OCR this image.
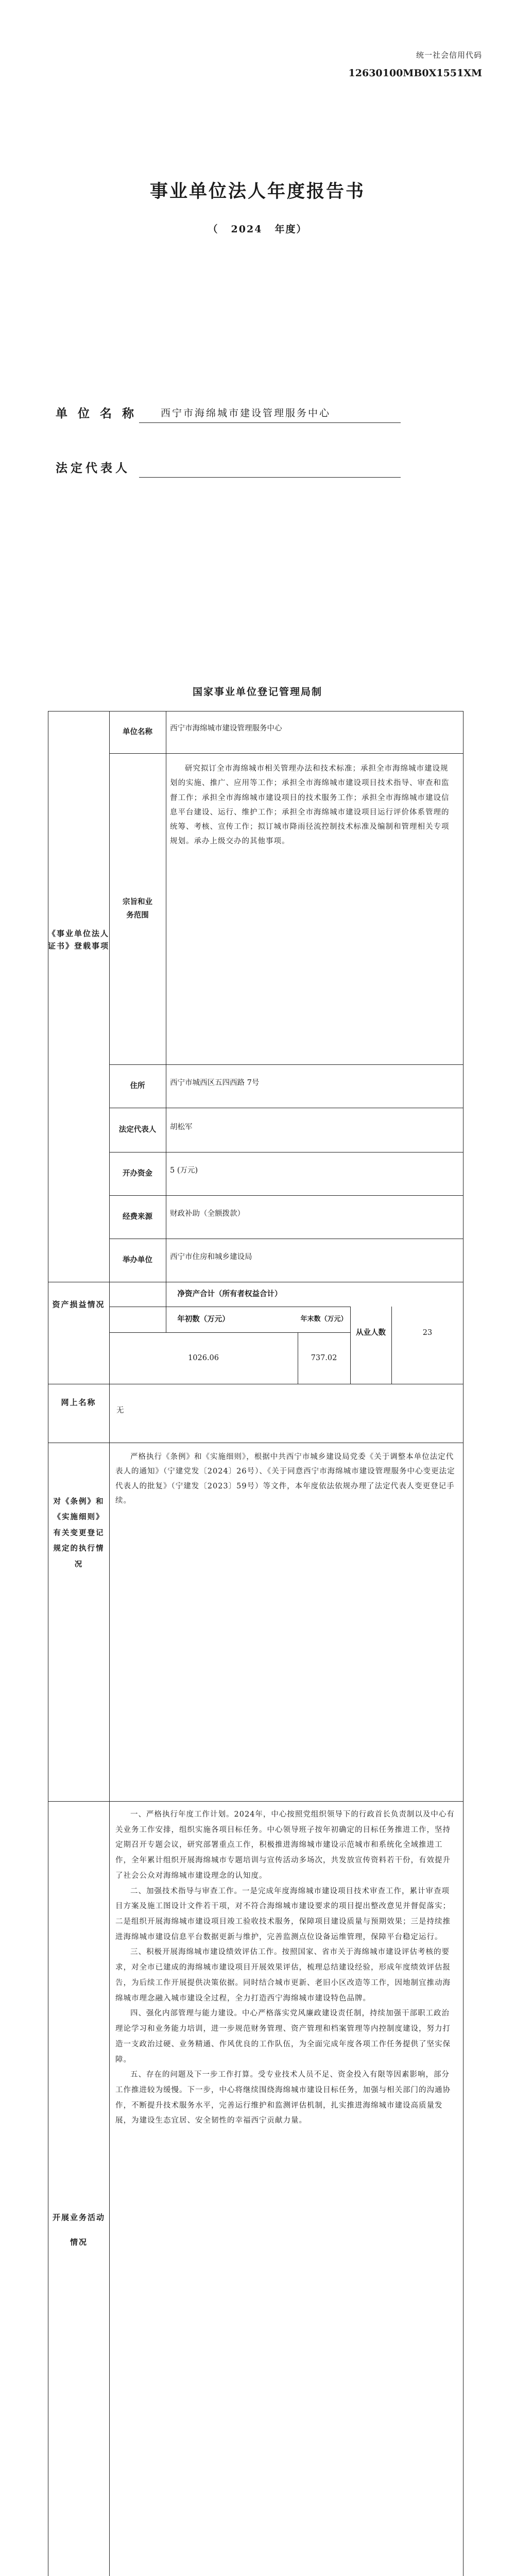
统一社会信用代码
12630100MB0X1551XM
事业单位法人年度报告书
（ 2024 年度）
单 位 名 称 西宁市海绵城市建设管理服务中心
法定代表人
国家事业单位登记管理局制
《事业单位法人证书》登载事项
单位名称	西宁市海绵城市建设管理服务中心
宗旨和业务范围

研究拟订全市海绵城市相关管理办法和技术标准；承担全市海绵城市建设规划的实施、推广、应用等工作；承担全市海绵城市建设项目技术指导、审查和监督工作；承担全市海绵城市建设项目的技术服务工作；承担全市海绵城市建设信息平台建设、运行、维护工作；承担全市海绵城市建设项目运行评价体系管理的统筹、考核、宣传工作；拟订城市降雨径流控制技术标准及编制和管理相关专项规划。承办上级交办的其他事项。

住所	西宁市城西区五四西路 7号
法定代表人	胡松军
开办资金	5 (万元)
经费来源	财政补助（全额拨款）
举办单位	西宁市住房和城乡建设局
资产损益情况
净资产合计（所有者权益合计）
年初数（万元）	年末数（万元）
1026.06	737.02
从业人数	23
网上名称
无
对《条例》和《实施细则》有关变更登记规定的执行情况

严格执行《条例》和《实施细则》，根据中共西宁市城乡建设局党委《关于调整本单位法定代表人的通知》（宁建党发〔2024〕26号）、《关于同意西宁市海绵城市建设管理服务中心变更法定代表人的批复》（宁建发〔2023〕59号）等文件，本年度依法依规办理了法定代表人变更登记手续。

开展业务活动情况

一、严格执行年度工作计划。2024年，中心按照党组织领导下的行政首长负责制以及中心有关业务工作安排，组织实施各项目标任务。中心领导班子按年初确定的目标任务推进工作，坚持定期召开专题会议，研究部署重点工作，积极推进海绵城市建设示范城市和系统化全域推进工作，全年累计组织开展海绵城市专题培训与宣传活动多场次，共发放宣传资料若干份，有效提升了社会公众对海绵城市建设理念的认知度。

二、加强技术指导与审查工作。一是完成年度海绵城市建设项目技术审查工作，累计审查项目方案及施工图设计文件若干项，对不符合海绵城市建设要求的项目提出整改意见并督促落实；二是组织开展海绵城市建设项目竣工验收技术服务，保障项目建设质量与预期效果；三是持续推进海绵城市建设信息平台数据更新与维护，完善监测点位设备运维管理，保障平台稳定运行。

三、积极开展海绵城市建设绩效评估工作。按照国家、省市关于海绵城市建设评估考核的要求，对全市已建成的海绵城市建设项目开展效果评估，梳理总结建设经验，形成年度绩效评估报告，为后续工作开展提供决策依据。同时结合城市更新、老旧小区改造等工作，因地制宜推动海绵城市理念融入城市建设全过程，全力打造西宁海绵城市建设特色品牌。

四、强化内部管理与能力建设。中心严格落实党风廉政建设责任制，持续加强干部职工政治理论学习和业务能力培训，进一步规范财务管理、资产管理和档案管理等内控制度建设，努力打造一支政治过硬、业务精通、作风优良的工作队伍，为全面完成年度各项工作任务提供了坚实保障。

五、存在的问题及下一步工作打算。受专业技术人员不足、资金投入有限等因素影响，部分工作推进较为缓慢。下一步，中心将继续围绕海绵城市建设目标任务，加强与相关部门的沟通协作，不断提升技术服务水平，完善运行维护和监测评估机制，扎实推进海绵城市建设高质量发展，为建设生态宜居、安全韧性的幸福西宁贡献力量。
